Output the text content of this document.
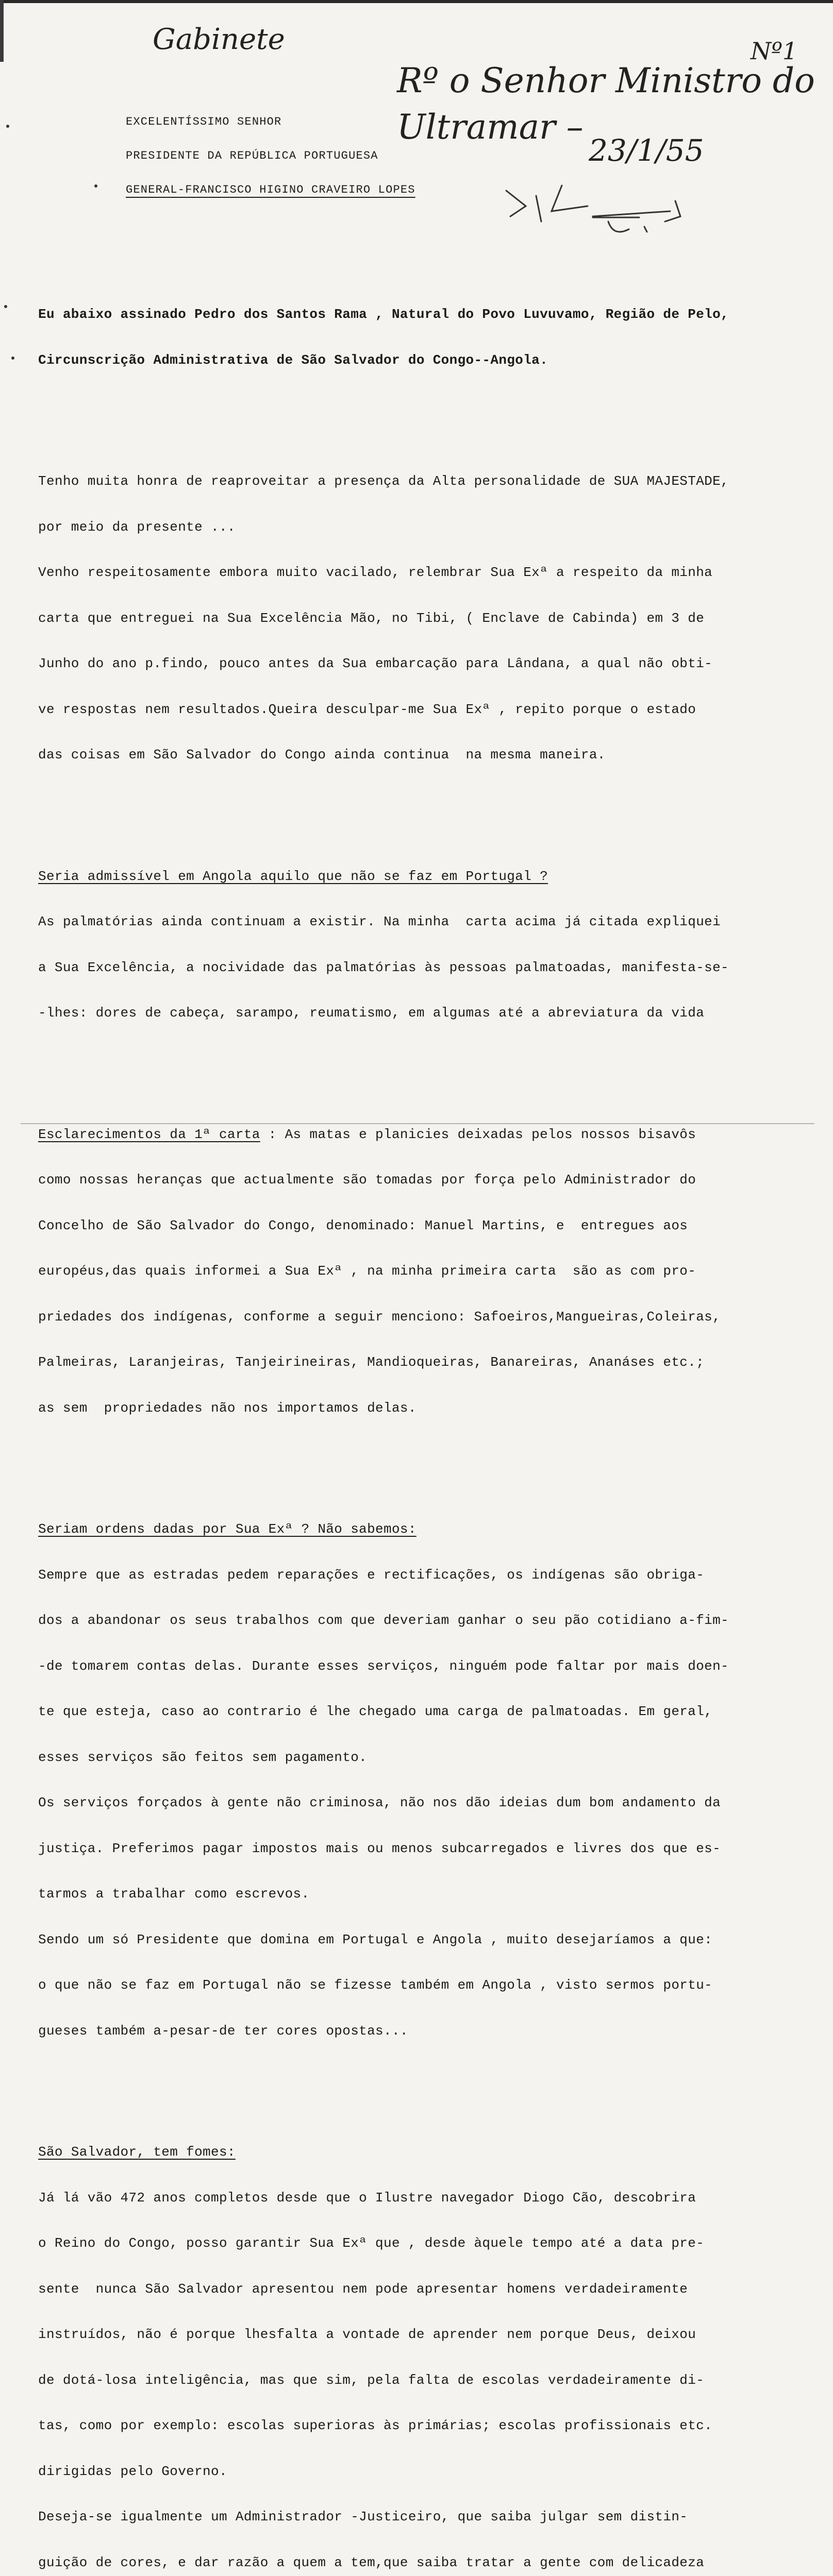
Gabinete	Nº1
Rº o Senhor Ministro do
Ultramar –
23/1/55
EXCELENTÍSSIMO SENHOR
PRESIDENTE DA REPÚBLICA PORTUGUESA
GENERAL-FRANCISCO HIGINO CRAVEIRO LOPES

Eu abaixo assinado Pedro dos Santos Rama , Natural do Povo Luvuvamo, Região de Pelo,

Circunscrição Administrativa de São Salvador do Congo--Angola.

Tenho muita honra de reaproveitar a presença da Alta personalidade de SUA MAJESTADE,

por meio da presente ...

Venho respeitosamente embora muito vacilado, relembrar Sua Exª a respeito da minha

carta que entreguei na Sua Excelência Mão, no Tibi, ( Enclave de Cabinda) em 3 de

Junho do ano p.findo, pouco antes da Sua embarcação para Lândana, a qual não obti-

ve respostas nem resultados.Queira desculpar-me Sua Exª , repito porque o estado

das coisas em São Salvador do Congo ainda continua  na mesma maneira.

Seria admissível em Angola aquilo que não se faz em Portugal ?

As palmatórias ainda continuam a existir. Na minha  carta acima já citada expliquei

a Sua Excelência, a nocividade das palmatórias às pessoas palmatoadas, manifesta-se-

-lhes: dores de cabeça, sarampo, reumatismo, em algumas até a abreviatura da vida

Esclarecimentos da 1ª carta : As matas e planicies deixadas pelos nossos bisavôs

como nossas heranças que actualmente são tomadas por força pelo Administrador do

Concelho de São Salvador do Congo, denominado: Manuel Martins, e  entregues aos

européus,das quais informei a Sua Exª , na minha primeira carta  são as com pro-

priedades dos indígenas, conforme a seguir menciono: Safoeiros,Mangueiras,Coleiras,

Palmeiras, Laranjeiras, Tanjeirineiras, Mandioqueiras, Banareiras, Ananáses etc.;

as sem  propriedades não nos importamos delas.

Seriam ordens dadas por Sua Exª ? Não sabemos:

Sempre que as estradas pedem reparações e rectificações, os indígenas são obriga-

dos a abandonar os seus trabalhos com que deveriam ganhar o seu pão cotidiano a-fim-

-de tomarem contas delas. Durante esses serviços, ninguém pode faltar por mais doen-

te que esteja, caso ao contrario é lhe chegado uma carga de palmatoadas. Em geral,

esses serviços são feitos sem pagamento.

Os serviços forçados à gente não criminosa, não nos dão ideias dum bom andamento da

justiça. Preferimos pagar impostos mais ou menos subcarregados e livres dos que es-

tarmos a trabalhar como escrevos.

Sendo um só Presidente que domina em Portugal e Angola , muito desejaríamos a que:

o que não se faz em Portugal não se fizesse também em Angola , visto sermos portu-

gueses também a-pesar-de ter cores opostas...

São Salvador, tem fomes:

Já lá vão 472 anos completos desde que o Ilustre navegador Diogo Cão, descobrira

o Reino do Congo, posso garantir Sua Exª que , desde àquele tempo até a data pre-

sente  nunca São Salvador apresentou nem pode apresentar homens verdadeiramente

instruídos, não é porque lhesfalta a vontade de aprender nem porque Deus, deixou

de dotá-losa inteligência, mas que sim, pela falta de escolas verdadeiramente di-

tas, como por exemplo: escolas superioras às primárias; escolas profissionais etc.

dirigidas pelo Governo.

Deseja-se igualmente um Administrador -Justiceiro, que saiba julgar sem distin-

guição de cores, e dar razão a quem a tem,que saiba tratar a gente com delicadeza
